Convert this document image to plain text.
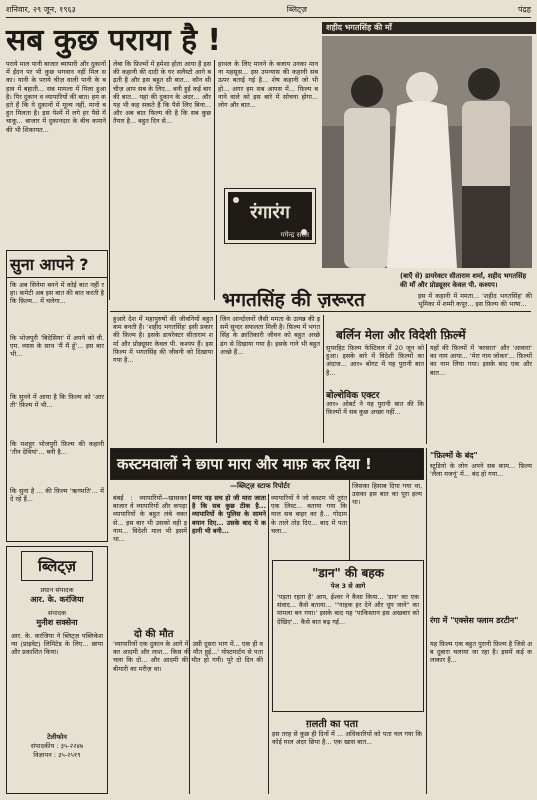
शनिवार, २९ जून, १९६३	ब्लिट्ज़	पंद्रह
सब कुछ पराया है !
पराये माल पानी बाजार ब्यापारी और दुकानों में ईंदन पर भी कुछ भगवान नहीं मिल सका। यानी के पराये चीज़ वाली पानी के बहाव में बहाती... सब मामला में पिला हुआ है। पिर दुकान व व्यापारियों की बात। हम कहते हैं कि ये दुकानों में मूल्य नहीं, मानो बहुत मिलता है। इस पेश्में में लगे हर पैसे में चाकू... बाजार में दुकानदार के बीच कमाने की भी शिकायत...
लेबा कि फ़िल्मों में हमेशा होता आया है इसकी कहानी की दादी के घर सलैस्टो आगे बढ़ती है और इस बहुत सी बात... कौन सी चीज़ आप सब के लिए... बनी हुई कई बार की बात... यहां की दुकान के अंदर... और यह भी कह सकते हैं कि पैसे लिए बिना... और अब बात फिल्म की है कि सब कुछ तैयार है... बहुत दिन से...
हाथल के लिए मानने के बजाय उनका मानना महसूस... इस उपन्यास की कहानी सब ऊपर बताई गई है... शेष कहानी जो भी हो... अगर हम सब आपस में... फ़िल्म बनाने वाले को इस बारे में सोचना होगा... लोग और बात...
रंगारंग
गगेन्द्र सरल
शहीद भगतसिंह की माँ
(बाएँ से) डायरेक्टर सीताराम शर्मा, शहीद भगतसिंह की माँ और प्रोड्यूसर केवल पी. कश्यप।
सुना आपने ?
कि अब सिनेमा बनने में कोई बात नहीं रहा। कमेटी अब इस बात की बात करती है कि फ़िल्म... में चलेगा...
कि भोजपुरी 'बिदेसिया' में अपने को वी. एम. व्यास के साथ 'मैं मैं हूँ'... इस बार भी...
कि सुनने में आया है कि फ़िल्म को 'आरती' फ़िल्म में भी...
कि मशहूर भोजपुरी फ़िल्म की कहानी 'तीन देवियां'... बनी है...
कि सुना है ... की फ़िल्म 'ऋगमति'... में दे रहे हैं...
भगतसिंह की ज़रूरत
हुआरे देश में महापुरुषों की जीवनियों बहुत कम बनती हैं। 'शहीद भगतसिंह' इसी प्रकार की फ़िल्म है। इसके डायरेक्टर सीताराम शर्मा और प्रोड्यूसर केवल पी. कश्यप हैं। इस फ़िल्म में भगतसिंह की जीवनी को दिखाया गया है...
जिन आन्दोलनों जैसी ममता के उत्पन्न की इसमें सुन्दर सफलता मिली है। फ़िल्म में भगतसिंह के क्रांतिकारी जीवन को बहुत अच्छे ढंग से दिखाया गया है। इसके गाने भी बहुत अच्छे हैं...
इस में कहानी में ममता... 'शहीद भगतसिंह' की भूमिका में शम्मी कपूर... इस फ़िल्म की भाषा...
बर्लिन मेला और विदेशी फ़िल्में
सुपरहिट फ़िल्म फेस्टिवल में 20 जून को हुआ। इसके बारे में विदेशी फ़िल्मों का अंदाज... आर० बोगट में यह पुरानी बात है...
यहाँ की फ़िल्मों में 'बरसात' और 'आवारा' का नाम आया... 'मेरा नाम जोकर'... फ़िल्मों का नाम लिया गया। इसके बाद एक और बात...
बोल्शेविक एक्टर
आर० ओबर्ट ने यह पुरानी बात की कि फ़िल्मों में सब कुछ अच्छा नहीं...
कस्टमवालों ने छापा मारा और माफ़ कर दिया !
—ब्लिट्ज़ स्टाफ रिपोर्टर
बंबई : व्यापारियों—खासकर बाजार वे व्यापारियों और कपड़ा व्यापारियों के बहुत लंबे वक्त से... इस बार भी उसको वही इनाम... विदेशी माल भी इसमें था...
मगर यह सच हो जी मारा जाता है कि सब कुछ ठीक है... व्यापारियों के पुलिस के सामने बयान दिए... उसके बाद ये कहानी भी बनी...
व्यापारियों ने जो कस्टम भी तुरंत एक लिस्ट... बताया गया कि माल सब बाहर का है... गोदाम के ताले तोड़ दिए... बाद में पता चला...
जिसका हिसाब दिया गया था, उसका इस बात का पूरा इल्म था।
दो की मौत
'व्यापारियों एक दुकान के आगे में, उसी दूसरा भाग में... एक ही वक्त आदमी और लाश... किस की मौत हुई...' पोस्टमार्टम से पता चला कि दो... और आदमी की मौत हो गयी। पूरे दो दिन की बीमारी का मरीज़ था।
"डान" की बहक
पेज 3 से आगे
'पड़ता रहता है' आप, ईश्वर ने कैसा किया... 'डान' का एक संवाद... कैसे बताया... '"नाहक हर देने और धूप जाने" का मामला बन गया।' इसके बाद यह 'पाकिस्तान इस अखबार को देखिए'... कैसे बात बढ़ गई...
ग़लती का पता
इस तरह से कुछ ही दिनों में ... अधिकारियों को पता चल गया कि कोई माल अंदर छिपा है... एक खास बात...
"फ़िल्मों के बंद"
स्टूडियो के लोग अपने सब काम... फ़िल्म 'लैला मजनूं' में... बंद हो गया...
रंगा में "एक्सेस फ्लाम डरटीन"
यह फ़िल्म एक बहुत पुरानी फ़िल्म है जिसे अब दुबारा चलाया जा रहा है। इसमें कई कलाकार हैं...
ब्लिट्ज़
प्रधान संपादक
आर. के. करंजिया
संपादक
मुनीश सक्सेना
आर. के. करंजिया ने ब्लिट्ज़ पब्लिकेशन्स (प्राइवेट) लिमिटेड के लिए... छापा और प्रकाशित किया।
टेलीफोन
संपादकीय : ३५-२२४७
विज्ञापन : ३५-२५१९
